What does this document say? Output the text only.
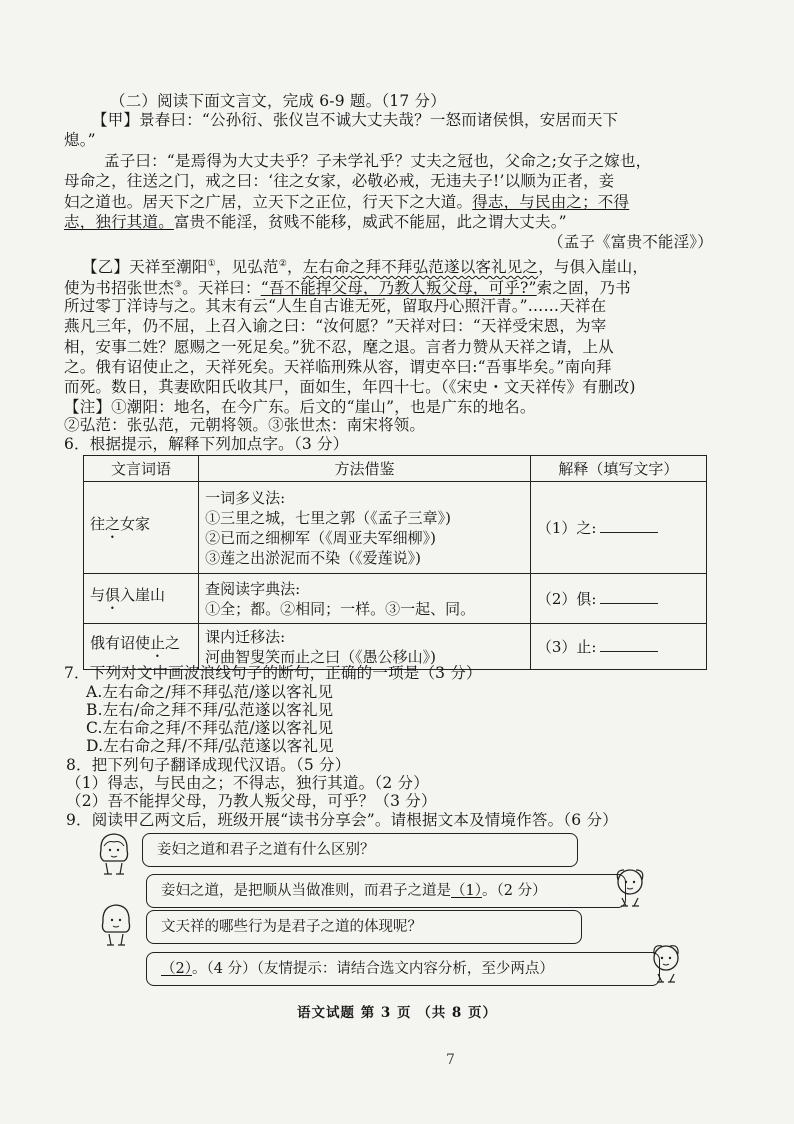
（二）阅读下面文言文，完成 6-9 题。（17 分）
【甲】景春曰：“公孙衍、张仪岂不诚大丈夫哉？一怒而诸侯惧，安居而天下
熄。”
孟子曰：“是焉得为大丈夫乎？子未学礼乎？丈夫之冠也，父命之;女子之嫁也，
母命之，往送之门，戒之曰：‘往之女家，必敬必戒，无违夫子!’以顺为正者，妾
妇之道也。居天下之广居，立天下之正位，行天下之大道。得志，与民由之；不得
志，独行其道。富贵不能淫，贫贱不能移，威武不能屈，此之谓大丈夫。”
（孟子《富贵不能淫》）
【乙】天祥至潮阳①，见弘范②，左右命之拜不拜弘范遂以客礼见之，与俱入崖山，
使为书招张世杰③。天祥曰：“吾不能捍父母，乃教人叛父母，可乎?”索之固，乃书
所过零丁洋诗与之。其末有云“人生自古谁无死，留取丹心照汗青。”……天祥在
燕凡三年，仍不屈，上召入谕之曰：“汝何愿？”天祥对曰：“天祥受宋恩，为宰
相，安事二姓？愿赐之一死足矣。”犹不忍，麾之退。言者力赞从天祥之请，上从
之。俄有诏使止之，天祥死矣。天祥临刑殊从容，谓吏卒曰:“吾事毕矣。”南向拜
而死。数日，其妻欧阳氏收其尸，面如生，年四十七。（《宋史・文天祥传》有删改)
【注】①潮阳：地名，在今广东。后文的“崖山”，也是广东的地名。
②弘范：张弘范，元朝将领。③张世杰：南宋将领。
6．根据提示，解释下列加点字。（3 分）
文言词语	方法借鉴	解释（填写文字）
往之女家	一词多义法:
①三里之城，七里之郭（《孟子三章》)
②已而之细柳军（《周亚夫军细柳》)
③莲之出淤泥而不染（《爱莲说》)	（1）之:
与俱入崖山	查阅读字典法:
①全；都。②相同；一样。③一起、同。	（2）俱:
俄有诏使止之	课内迁移法:
河曲智叟笑而止之曰（《愚公移山》)	（3）止:
7．下列对文中画波浪线句子的断句，正确的一项是（3 分）
A.左右命之/拜不拜弘范/遂以客礼见
B.左右/命之拜不拜/弘范遂以客礼见
C.左右命之拜/不拜弘范/遂以客礼见
D.左右命之拜/不拜/弘范遂以客礼见
8．把下列句子翻译成现代汉语。（5 分）
（1）得志，与民由之；不得志，独行其道。（2 分）
（2）吾不能捍父母，乃教人叛父母，可乎？（3 分）
9．阅读甲乙两文后，班级开展“读书分享会”。请根据文本及情境作答。（6 分）
妾妇之道和君子之道有什么区别？
妾妇之道，是把顺从当做准则，而君子之道是（1）。（2 分）
文天祥的哪些行为是君子之道的体现呢？
（2）。（4 分）（友情提示：请结合选文内容分析，至少两点）
语文试题 第 3 页 （共 8 页）
7
